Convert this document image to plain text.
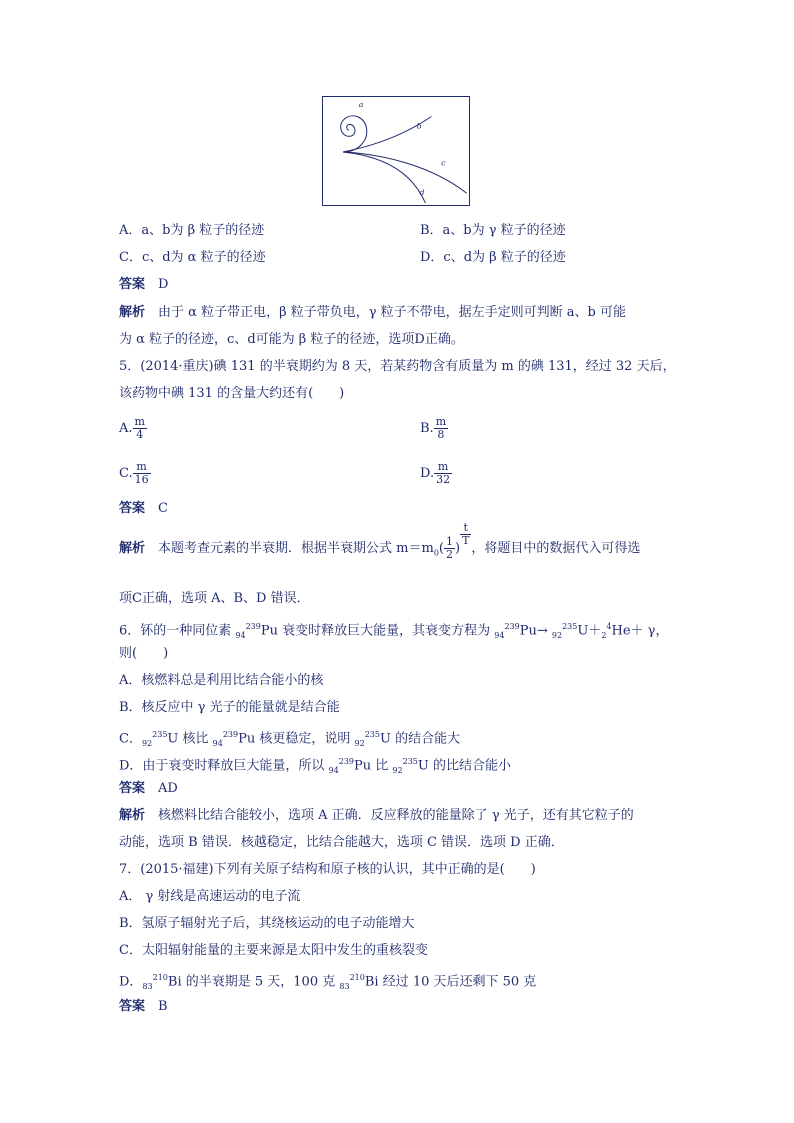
a
b
c
d
A．a、b为 β 粒子的径迹	B．a、b为 γ 粒子的径迹
C．c、d为 α 粒子的径迹	D．c、d为 β 粒子的径迹
答案　 D
解析　 由于 α 粒子带正电，β 粒子带负电，γ 粒子不带电，据左手定则可判断 a、b 可能
为 α 粒子的径迹，c、d可能为 β 粒子的径迹，选项D正确。
5．(2014·重庆)碘 131 的半衰期约为 8 天，若某药物含有质量为 m 的碘 131，经过 32 天后，
该药物中碘 131 的含量大约还有(　　)
A. $\frac{m}{4}$	B. $\frac{m}{8}$
C. $\frac{m}{16}$	D. $\frac{m}{32}$
答案　 C
解析　 本题考查元素的半衰期．根据半衰期公式 $m=m_0( \frac{1}{2}$ )
$\frac{t}{T}$
，将题目中的数据代入可得选
项C正确，选项 A、B、D 错误．
6．钚的一种同位素 $_{94}^{239}$Pu 衰变时释放巨大能量，其衰变方程为 $_{94}^{239}Pu\to _{92}^{235}U+_2^4He+ \gamma$，
则(　　)
A．核燃料总是利用比结合能小的核
B．核反应中 γ 光子的能量就是结合能
C．$_{92}^{235}$U 核比 $_{94}^{239}$Pu 核更稳定，说明 $_{92}^{235}$U 的结合能大
D．由于衰变时释放巨大能量，所以 $_{94}^{239}$Pu 比 $_{92}^{235}$U 的比结合能小
答案　 AD
解析　 核燃料比结合能较小，选项 A 正确．反应释放的能量除了 γ 光子，还有其它粒子的
动能，选项 B 错误．核越稳定，比结合能越大，选项 C 错误．选项 D 正确．
7．(2015·福建)下列有关原子结构和原子核的认识，其中正确的是(　　)
A． γ 射线是高速运动的电子流
B．氢原子辐射光子后，其绕核运动的电子动能增大
C．太阳辐射能量的主要来源是太阳中发生的重核裂变
D．$_{83}^{210}$Bi 的半衰期是 5 天，100 克 $_{83}^{210}$Bi 经过 10 天后还剩下 50 克
答案　 B
